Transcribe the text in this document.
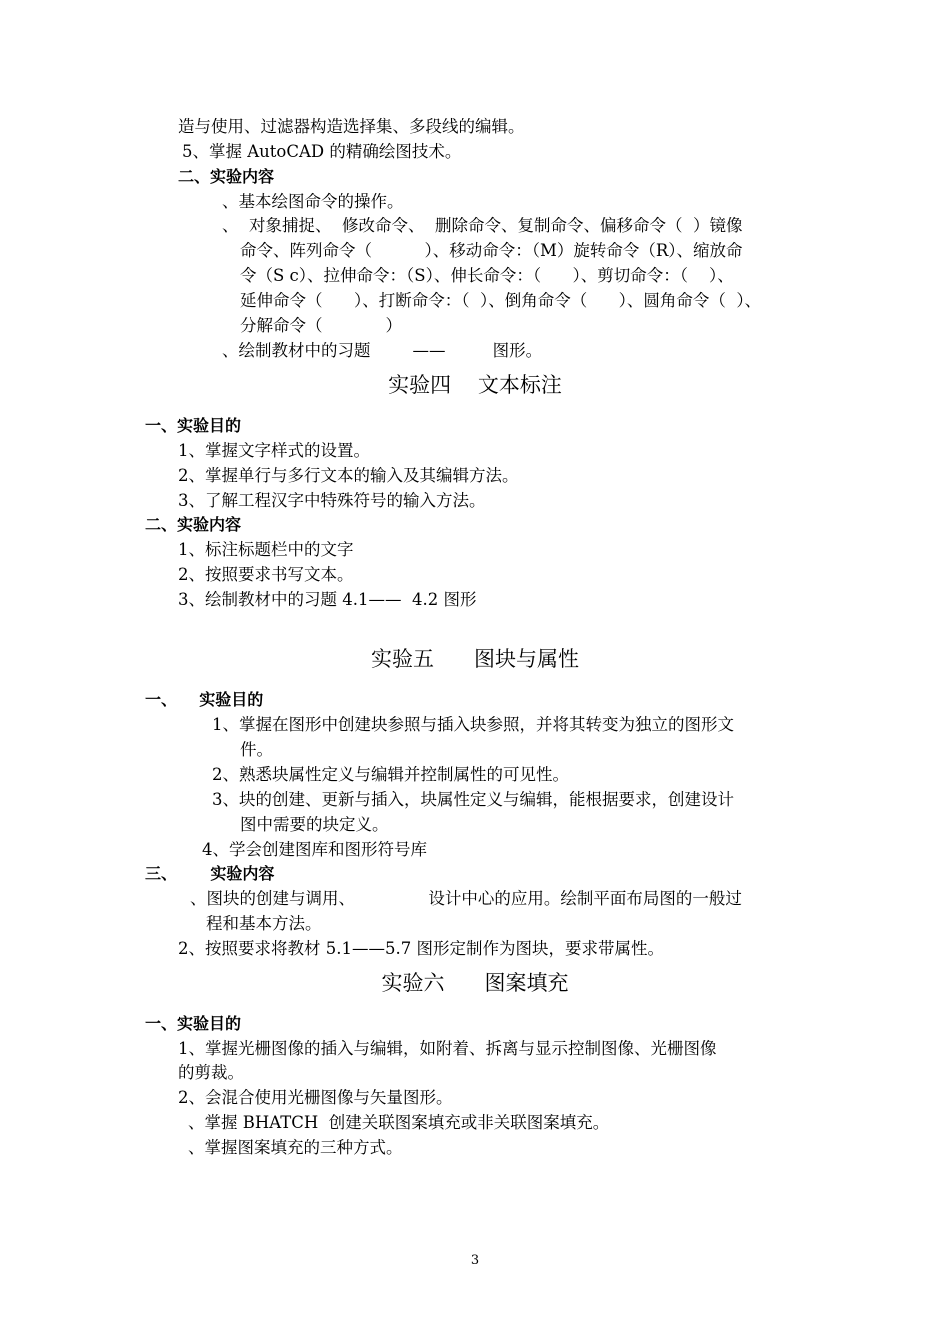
造与使用、过滤器构造选择集、多段线的编辑。
5、掌握 AutoCAD 的精确绘图技术。
二、实验内容
、基本绘图命令的操作。
、  对象捕捉、  修改命令、  删除命令、复制命令、偏移命令（  ）镜像
命令、阵列命令（          ）、移动命令：（M）旋转命令（R）、缩放命
令（S c）、拉伸命令：（S）、伸长命令：（      ）、剪切命令：（    ）、
延伸命令（      ）、打断命令：（  ）、倒角命令（      ）、圆角命令（  ）、
分解命令（            ）
、绘制教材中的习题        ——         图形。
实验四    文本标注
一、实验目的
1、掌握文字样式的设置。
2、掌握单行与多行文本的输入及其编辑方法。
3、了解工程汉字中特殊符号的输入方法。
二、实验内容
1、标注标题栏中的文字
2、按照要求书写文本。
3、绘制教材中的习题 4.1——  4.2 图形
实验五      图块与属性
一、    实验目的
1、掌握在图形中创建块参照与插入块参照，并将其转变为独立的图形文
件。
2、熟悉块属性定义与编辑并控制属性的可见性。
3、块的创建、更新与插入，块属性定义与编辑，能根据要求，创建设计
图中需要的块定义。
4、学会创建图库和图形符号库
三、      实验内容
、图块的创建与调用、              设计中心的应用。绘制平面布局图的一般过
程和基本方法。
2、按照要求将教材 5.1——5.7 图形定制作为图块，要求带属性。
实验六      图案填充
一、实验目的
1、掌握光栅图像的插入与编辑，如附着、拆离与显示控制图像、光栅图像
的剪裁。
2、会混合使用光栅图像与矢量图形。
、掌握 BHATCH  创建关联图案填充或非关联图案填充。
、掌握图案填充的三种方式。
3
